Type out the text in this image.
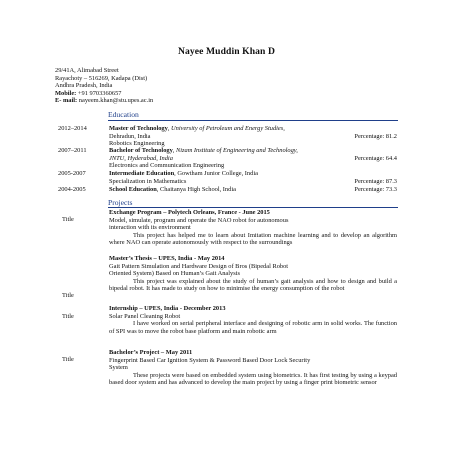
Nayee Muddin Khan D
29/41A, Alimabad Street
Rayachoty – 516269, Kadapa (Dist)
Andhra Pradesh, India
Mobile: +91 9703360657
E- mail: nayeem.khan@stu.upes.ac.in
Education
2012–2014	Master of Technology, University of Petroleum and Energy Studies,
Dehradun, India	Percentage: 81.2
Robotics Engineering
2007–2011	Bachelor of Technology, Nizam Institute of Engineering and Technology,
JNTU, Hyderabad, India	Percentage: 64.4
Electronics and Communication Engineering
2005-2007	Intermediate Education, Gowtham Junior College, India
Specialization in Mathematics	Percentage: 87.3
2004-2005	School Education, Chaitanya High School, India	Percentage: 73.3
Projects
Title
Exchange Program – Polytech Orleans, France - June 2015
Model, simulate, program and operate the NAO robot for autonomous
interaction with its environment
This project has helped me to learn about Imitation machine learning and to develop an algorithm where NAO can operate autonomously with respect to the surroundings
Title
Master’s Thesis – UPES, India - May 2014
Gait Pattern Simulation and Hardware Design of Bros (Bipedal Robot
Oriented System) Based on Human’s Gait Analysis
This project was explained about the study of human’s gait analysis and how to design and build a bipedal robot. It has made to study on how to minimise the energy consumption of the robot
Title
Internship – UPES, India - December 2013
Solar Panel Cleaning Robot
I have worked on serial peripheral interface and designing of robotic arm in solid works. The function of SPI was to move the robot base platform and main robotic arm
Title
Bachelor’s Project – May 2011
Fingerprint Based Car Ignition System & Password Based Door Lock Security
System
These projects were based on embedded system using biometrics. It has first testing by using a keypad based door system and has advanced to develop the main project by using a finger print biometric sensor
